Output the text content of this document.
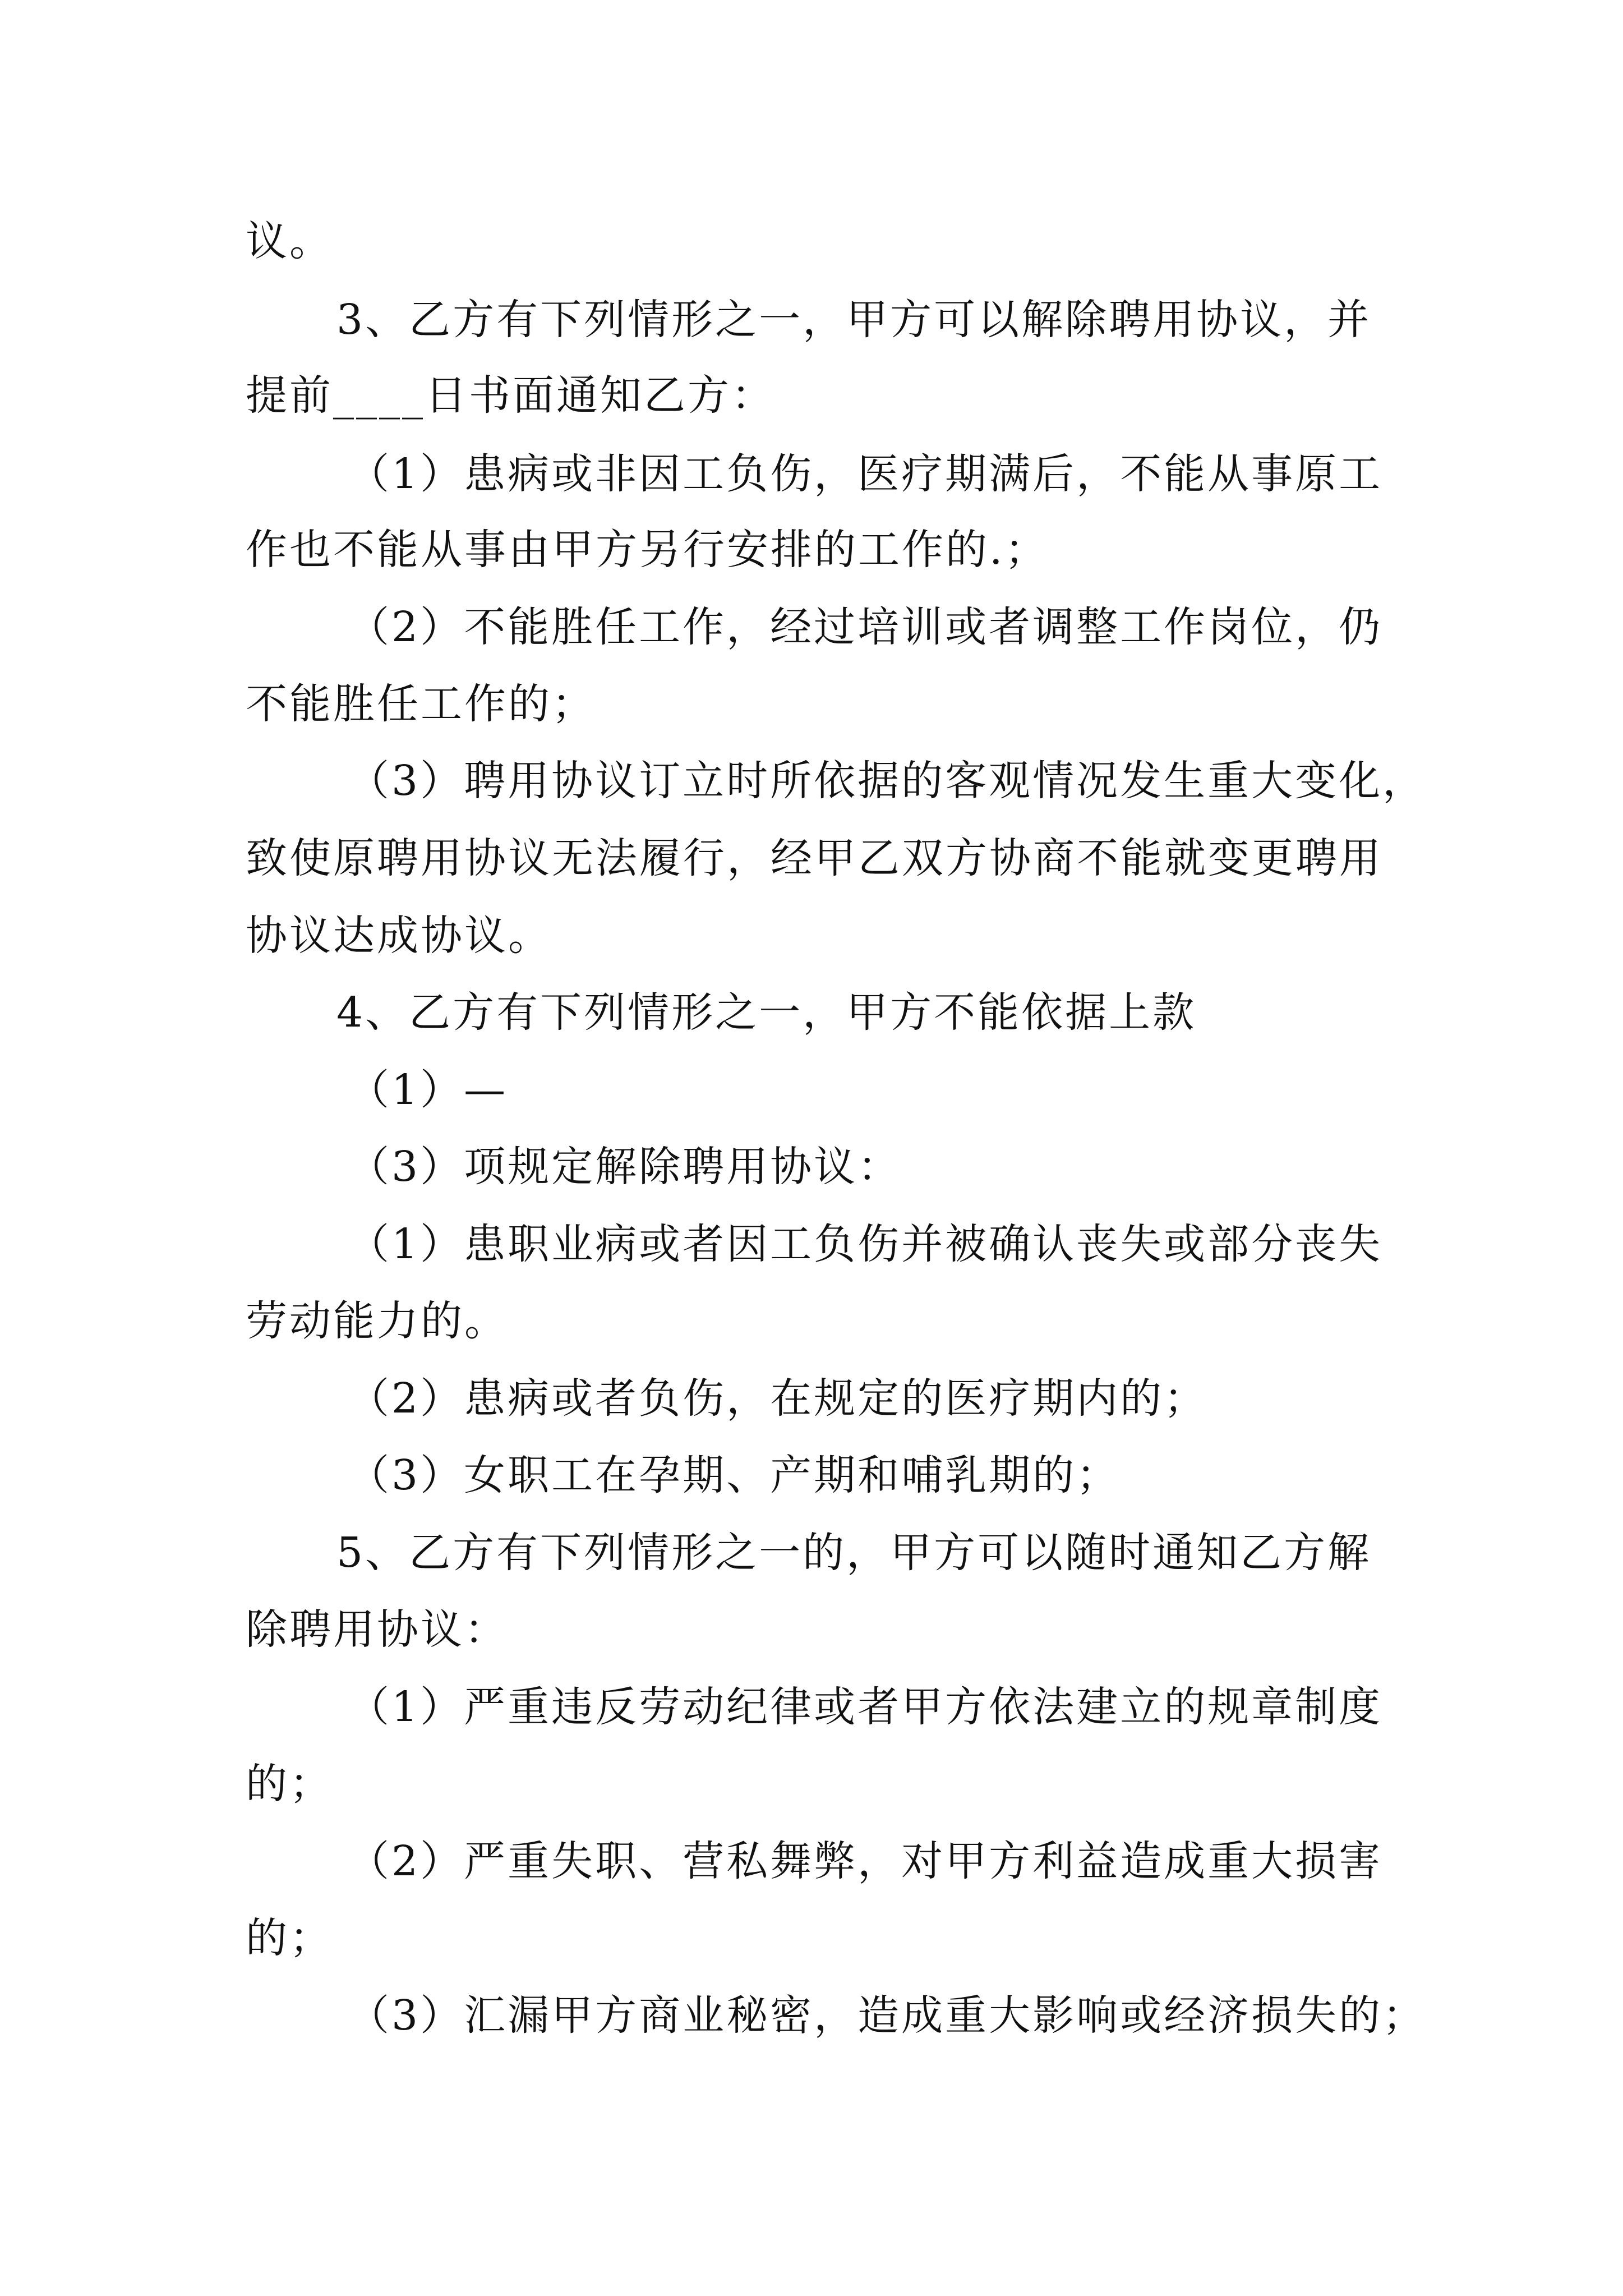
议。
3、乙方有下列情形之一，甲方可以解除聘用协议，并
提前____日书面通知乙方：
（1）患病或非因工负伤，医疗期满后，不能从事原工
作也不能从事由甲方另行安排的工作的.；
（2）不能胜任工作，经过培训或者调整工作岗位，仍
不能胜任工作的；
（3）聘用协议订立时所依据的客观情况发生重大变化，
致使原聘用协议无法履行，经甲乙双方协商不能就变更聘用
协议达成协议。
4、乙方有下列情形之一，甲方不能依据上款
（1）—
（3）项规定解除聘用协议：
（1）患职业病或者因工负伤并被确认丧失或部分丧失
劳动能力的。
（2）患病或者负伤，在规定的医疗期内的；
（3）女职工在孕期、产期和哺乳期的；
5、乙方有下列情形之一的，甲方可以随时通知乙方解
除聘用协议：
（1）严重违反劳动纪律或者甲方依法建立的规章制度
的；
（2）严重失职、营私舞弊，对甲方利益造成重大损害
的；
（3）汇漏甲方商业秘密，造成重大影响或经济损失的；
